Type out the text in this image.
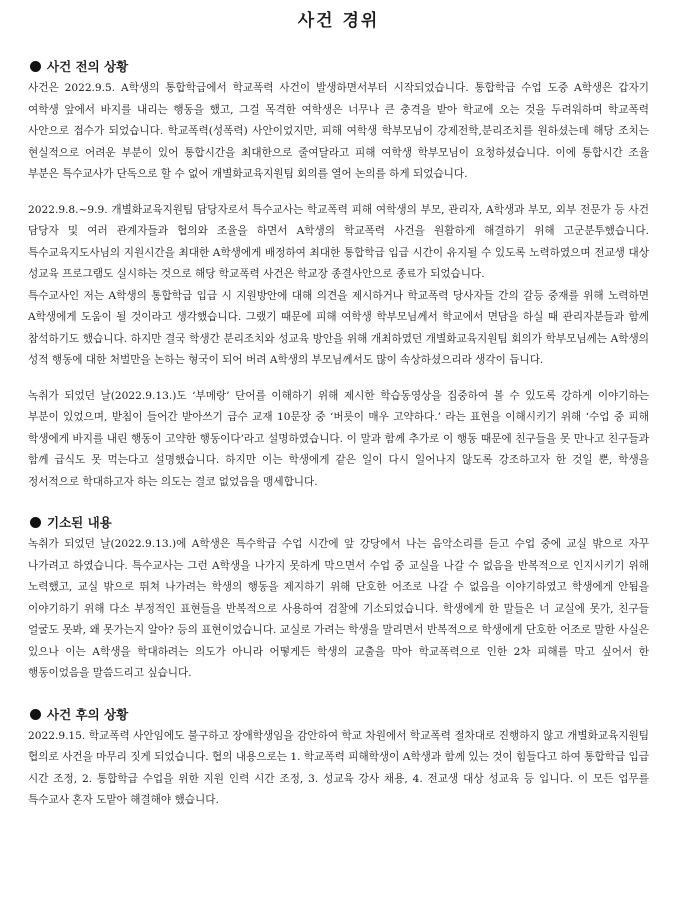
사건 경위
사건 전의 상황

사건은 2022.9.5. A학생의 통합학급에서 학교폭력 사건이 발생하면서부터 시작되었습니다. 통합학급 수업 도중 A학생은 갑자기 여학생 앞에서 바지를 내리는 행동을 했고, 그걸 목격한 여학생은 너무나 큰 충격을 받아 학교에 오는 것을 두려워하며 학교폭력 사안으로 접수가 되었습니다. 학교폭력(성폭력) 사안이었지만, 피해 여학생 학부모님이 강제전학,분리조치를 원하셨는데 해당 조치는 현실적으로 어려운 부분이 있어 통합시간을 최대한으로 줄여달라고 피해 여학생 학부모님이 요청하셨습니다. 이에 통합시간 조율 부분은 특수교사가 단독으로 할 수 없어 개별화교육지원팀 회의를 열어 논의를 하게 되었습니다.

2022.9.8.~9.9. 개별화교육지원팀 담당자로서 특수교사는 학교폭력 피해 여학생의 부모, 관리자, A학생과 부모, 외부 전문가 등 사건 담당자 및 여러 관계자들과 협의와 조율을 하면서 A학생의 학교폭력 사건을 원활하게 해결하기 위해 고군분투했습니다. 특수교육지도사님의 지원시간을 최대한 A학생에게 배정하여 최대한 통합학급 입급 시간이 유지될 수 있도록 노력하였으며 전교생 대상 성교육 프로그램도 실시하는 것으로 해당 학교폭력 사건은 학교장 종결사안으로 종료가 되었습니다.

특수교사인 저는 A학생의 통합학급 입급 시 지원방안에 대해 의견을 제시하거나 학교폭력 당사자들 간의 갈등 중재를 위해 노력하면 A학생에게 도움이 될 것이라고 생각했습니다. 그랬기 때문에 피해 여학생 학부모님께서 학교에서 면담을 하실 때 관리자분들과 함께 참석하기도 했습니다. 하지만 결국 학생간 분리조치와 성교육 방안을 위해 개최하였던 개별화교육지원팀 회의가 학부모님께는 A학생의 성적 행동에 대한 처벌만을 논하는 형국이 되어 버려 A학생의 부모님께서도 많이 속상하셨으리라 생각이 듭니다.

녹취가 되었던 날(2022.9.13.)도 ‘부메랑’ 단어를 이해하기 위해 제시한 학습동영상을 집중하여 볼 수 있도록 강하게 이야기하는 부분이 있었으며, 받침이 들어간 받아쓰기 급수 교재 10문장 중 ‘버릇이 매우 고약하다.’ 라는 표현을 이해시키기 위해 ‘수업 중 피해 학생에게 바지를 내린 행동이 고약한 행동이다’라고 설명하였습니다. 이 말과 함께 추가로 이 행동 때문에 친구들을 못 만나고 친구들과 함께 급식도 못 먹는다고 설명했습니다. 하지만 이는 학생에게 같은 일이 다시 일어나지 않도록 강조하고자 한 것일 뿐, 학생을 정서적으로 학대하고자 하는 의도는 결코 없었음을 맹세합니다.

기소된 내용

녹취가 되었던 날(2022.9.13.)에 A학생은 특수학급 수업 시간에 앞 강당에서 나는 음악소리를 듣고 수업 중에 교실 밖으로 자꾸 나가려고 하였습니다. 특수교사는 그런 A학생을 나가지 못하게 막으면서 수업 중 교실을 나갈 수 없음을 반복적으로 인지시키기 위해 노력했고, 교실 밖으로 뛰쳐 나가려는 학생의 행동을 제지하기 위해 단호한 어조로 나갈 수 없음을 이야기하였고 학생에게 안됨을 이야기하기 위해 다소 부정적인 표현들을 반복적으로 사용하여 검찰에 기소되었습니다. 학생에게 한 말들은 너 교실에 못가, 친구들 얼굴도 못봐, 왜 못가는지 알아? 등의 표현이었습니다. 교실로 가려는 학생을 말리면서 반복적으로 학생에게 단호한 어조로 말한 사실은 있으나 이는 A학생을 학대하려는 의도가 아니라 어떻게든 학생의 교출을 막아 학교폭력으로 인한 2차 피해를 막고 싶어서 한 행동이었음을 말씀드리고 싶습니다.

사건 후의 상황

2022.9.15. 학교폭력 사안임에도 불구하고 장애학생임을 감안하여 학교 차원에서 학교폭력 절차대로 진행하지 않고 개별화교육지원팀 협의로 사건을 마무리 짓게 되었습니다. 협의 내용으로는 1. 학교폭력 피해학생이 A학생과 함께 있는 것이 힘들다고 하여 통합학급 입급 시간 조정, 2. 통합학급 수업을 위한 지원 인력 시간 조정, 3. 성교육 강사 채용, 4. 전교생 대상 성교육 등 입니다. 이 모든 업무를 특수교사 혼자 도맡아 해결해야 했습니다.
